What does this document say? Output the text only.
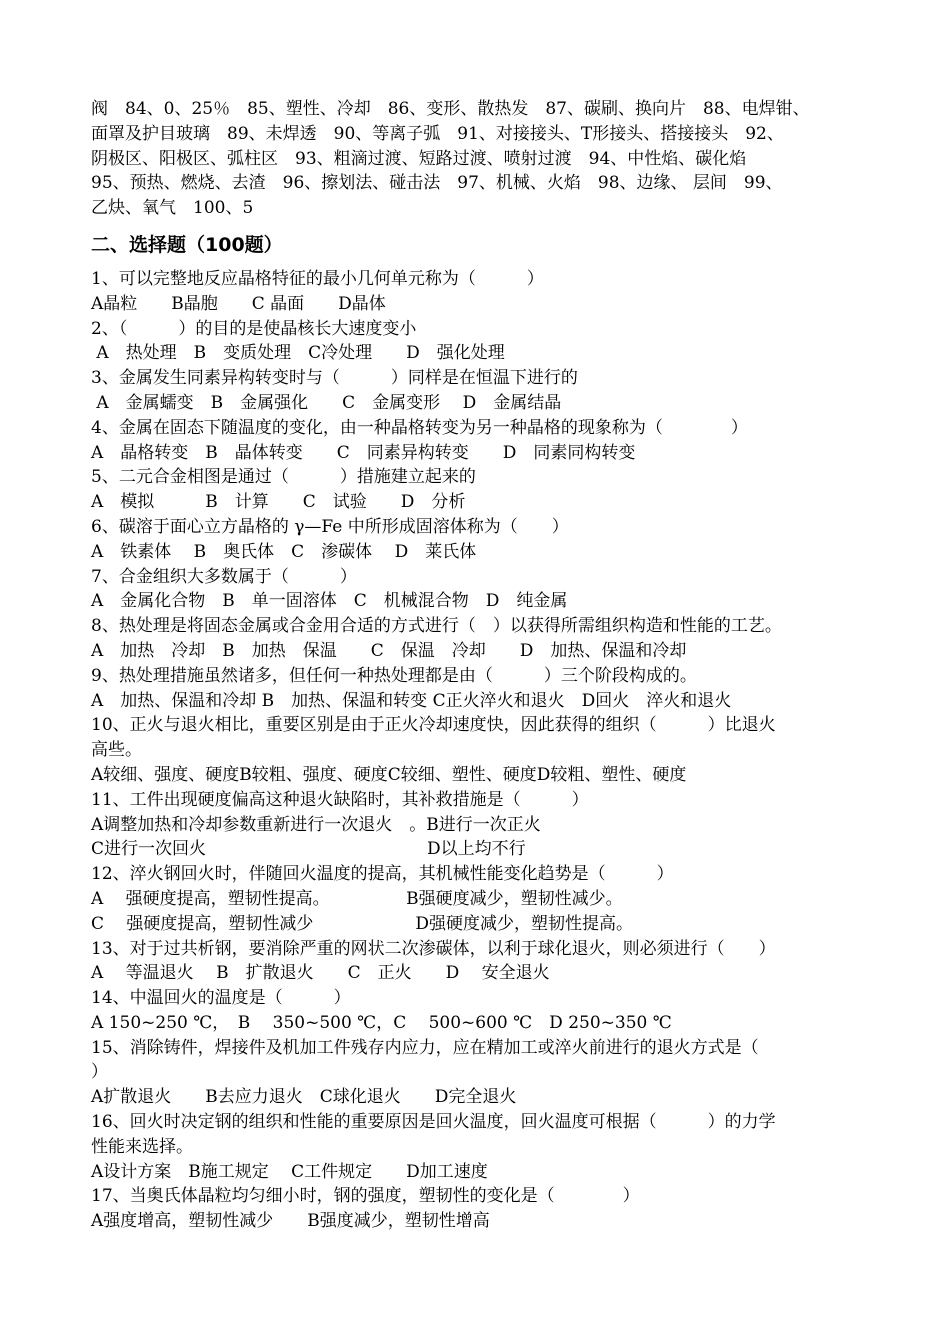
阀　84、0、25％　85、塑性、冷却　86、变形、散热发　87、碳刷、换向片　88、电焊钳、
面罩及护目玻璃　89、未焊透　90、等离子弧　91、对接接头、T形接头、搭接接头　92、
阴极区、阳极区、弧柱区　93、粗滴过渡、短路过渡、喷射过渡　94、中性焰、碳化焰
95、预热、燃烧、去渣　96、擦划法、碰击法　97、机械、火焰　98、边缘、 层间　99、
乙炔、氧气　100、5
二、选择题（100题）
1、可以完整地反应晶格特征的最小几何单元称为（　　　）
A晶粒　　B晶胞　　C 晶面　　D晶体
2、（　　　）的目的是使晶核长大速度变小
A　热处理　B　变质处理　C冷处理　　D　强化处理
3、金属发生同素异构转变时与（　　　）同样是在恒温下进行的
A　金属蠕变　B　金属强化　　C　金属变形　 D　金属结晶
4、金属在固态下随温度的变化，由一种晶格转变为另一种晶格的现象称为（　　　　）
A　晶格转变　B　晶体转变　　C　同素异构转变　　D　同素同构转变
5、二元合金相图是通过（　　　）措施建立起来的
A　模拟　　　B　计算　　C　试验　　D　分析
6、碳溶于面心立方晶格的 γ—Fe 中所形成固溶体称为（　　）
A　铁素体　 B　奥氏体　C　渗碳体　 D　莱氏体
7、合金组织大多数属于（　　　）
A　金属化合物　B　单一固溶体　C　机械混合物　D　纯金属
8、热处理是将固态金属或合金用合适的方式进行（　）以获得所需组织构造和性能的工艺。
A　加热　冷却　B　加热　保温　　C　保温　冷却　　D　加热、保温和冷却
9、热处理措施虽然诸多，但任何一种热处理都是由（　　　）三个阶段构成的。
A　加热、保温和冷却 B　加热、保温和转变 C正火淬火和退火　D回火　淬火和退火
10、正火与退火相比，重要区别是由于正火冷却速度快，因此获得的组织（　　　）比退火
高些。
A较细、强度、硬度B较粗、强度、硬度C较细、塑性、硬度D较粗、塑性、硬度
11、工件出现硬度偏高这种退火缺陷时，其补救措施是（　　　）
A调整加热和冷却参数重新进行一次退火　。B进行一次正火
C进行一次回火　　　　　　　　　　　　　D以上均不行
12、淬火钢回火时，伴随回火温度的提高，其机械性能变化趋势是（　　　）
A　 强硬度提高，塑韧性提高。　　　　　B强硬度减少，塑韧性减少。
C　 强硬度提高，塑韧性减少　　　　　　D强硬度减少，塑韧性提高。
13、对于过共析钢，要消除严重的网状二次渗碳体，以利于球化退火，则必须进行（　　）
A　 等温退火　 B　扩散退火　　C　正火　　D　 安全退火
14、中温回火的温度是（　　　）
A 150~250 ℃，　B　 350~500 ℃，C　 500~600 ℃　D 250~350 ℃
15、消除铸件，焊接件及机加工件残存内应力，应在精加工或淬火前进行的退火方式是（
）
A扩散退火　　B去应力退火　C球化退火　　D完全退火
16、回火时决定钢的组织和性能的重要原因是回火温度，回火温度可根据（　　　）的力学
性能来选择。
A设计方案　B施工规定　 C工件规定　　D加工速度
17、当奥氏体晶粒均匀细小时，钢的强度，塑韧性的变化是（　　　　）
A强度增高，塑韧性减少　　B强度减少，塑韧性增高
